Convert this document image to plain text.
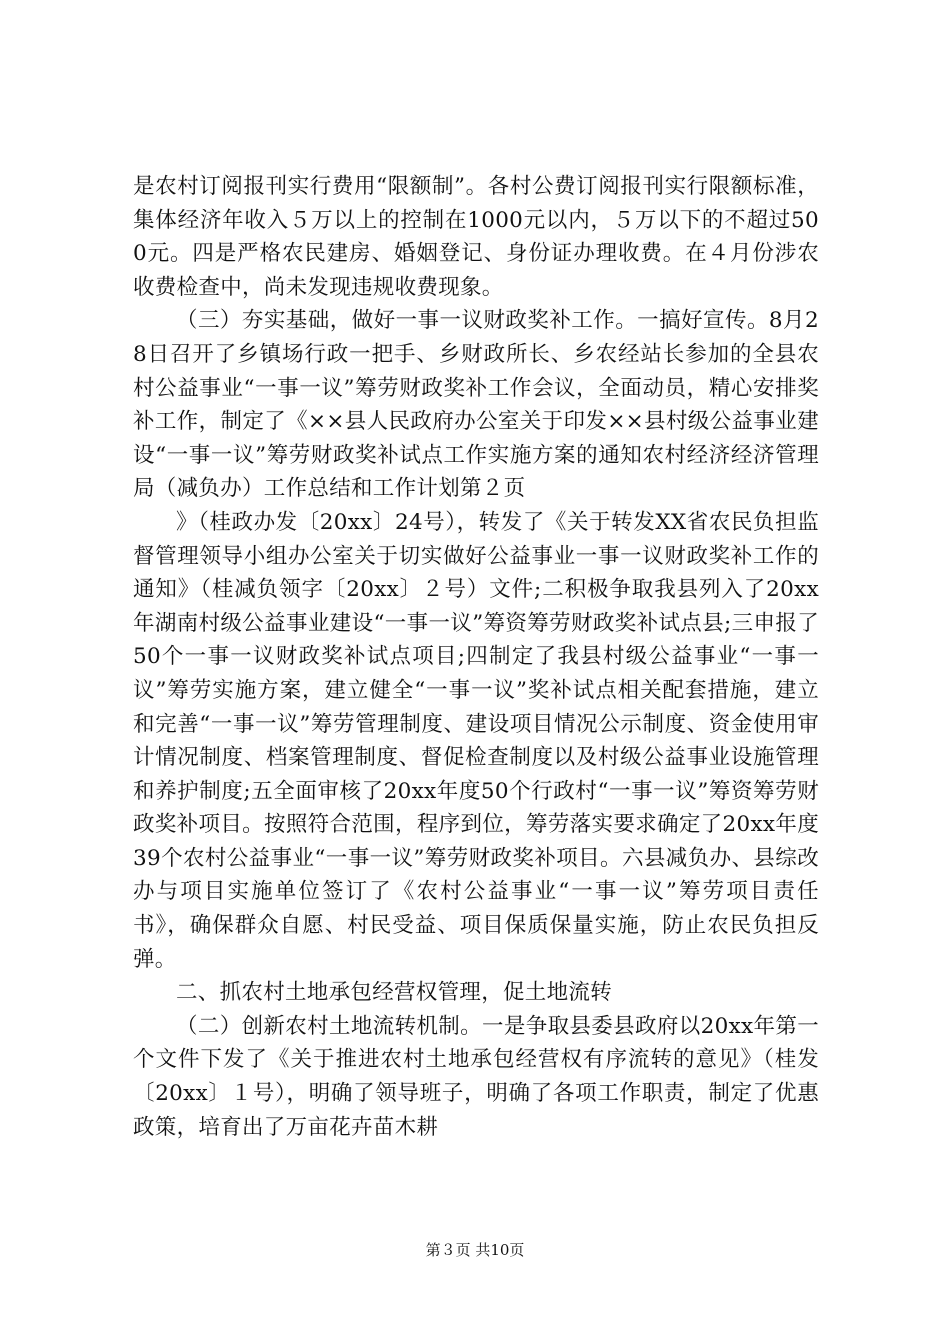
是农村订阅报刊实行费用“限额制”。各村公费订阅报刊实行限额标准，集体经济年收入５万以上的控制在1000元以内，５万以下的不超过500元。四是严格农民建房、婚姻登记、身份证办理收费。在４月份涉农收费检查中，尚未发现违规收费现象。

（三）夯实基础，做好一事一议财政奖补工作。一搞好宣传。8月28日召开了乡镇场行政一把手、乡财政所长、乡农经站长参加的全县农村公益事业“一事一议”筹劳财政奖补工作会议，全面动员，精心安排奖补工作，制定了《××县人民政府办公室关于印发××县村级公益事业建设“一事一议”筹劳财政奖补试点工作实施方案的通知农村经济经济管理局（减负办）工作总结和工作计划第２页

》（桂政办发〔20xx〕24号），转发了《关于转发XX省农民负担监督管理领导小组办公室关于切实做好公益事业一事一议财政奖补工作的通知》（桂减负领字〔20xx〕２号）文件;二积极争取我县列入了20xx年湖南村级公益事业建设“一事一议”筹资筹劳财政奖补试点县;三申报了50个一事一议财政奖补试点项目;四制定了我县村级公益事业“一事一议”筹劳实施方案，建立健全“一事一议”奖补试点相关配套措施，建立和完善“一事一议”筹劳管理制度、建设项目情况公示制度、资金使用审计情况制度、档案管理制度、督促检查制度以及村级公益事业设施管理和养护制度;五全面审核了20xx年度50个行政村“一事一议”筹资筹劳财政奖补项目。按照符合范围，程序到位，筹劳落实要求确定了20xx年度39个农村公益事业“一事一议”筹劳财政奖补项目。六县减负办、县综改办与项目实施单位签订了《农村公益事业“一事一议”筹劳项目责任书》，确保群众自愿、村民受益、项目保质保量实施，防止农民负担反弹。

二、抓农村土地承包经营权管理，促土地流转

（二）创新农村土地流转机制。一是争取县委县政府以20xx年第一个文件下发了《关于推进农村土地承包经营权有序流转的意见》（桂发〔20xx〕１号），明确了领导班子，明确了各项工作职责，制定了优惠政策，培育出了万亩花卉苗木耕

第３页 共10页
